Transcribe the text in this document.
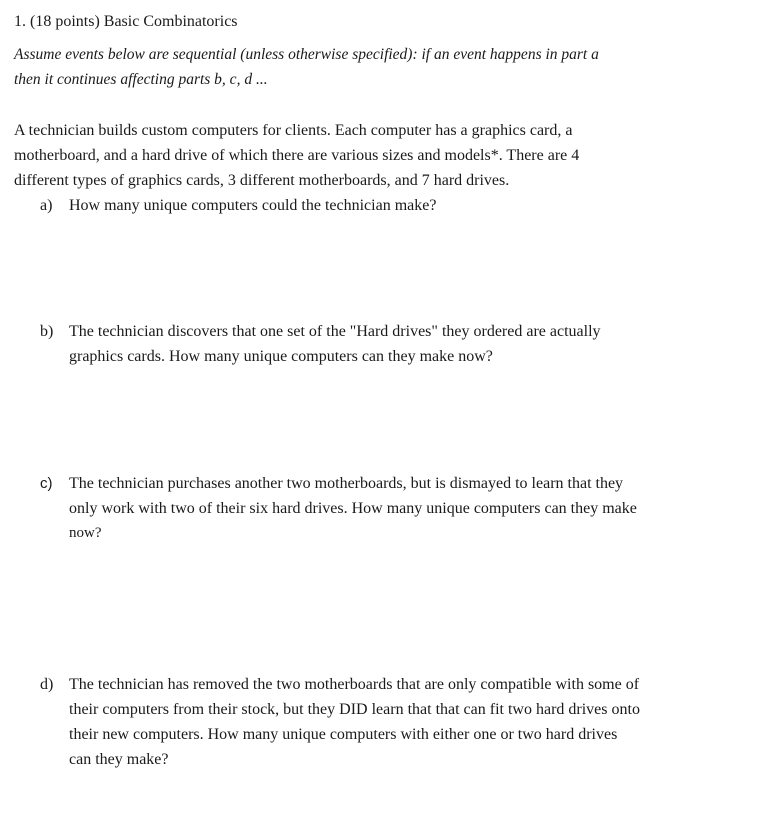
1. (18 points) Basic Combinatorics

Assume events below are sequential (unless otherwise specified): if an event happens in part a

then it continues affecting parts b, c, d ...

A technician builds custom computers for clients. Each computer has a graphics card, a

motherboard, and a hard drive of which there are various sizes and models*. There are 4

different types of graphics cards, 3 different motherboards, and 7 hard drives.

a)	How many unique computers could the technician make?

b) The technician discovers that one set of the "Hard drives" they ordered are actually

graphics cards. How many unique computers can they make now?

c)	The technician purchases another two motherboards, but is dismayed to learn that they

only work with two of their six hard drives. How many unique computers can they make

now?

d) The technician has removed the two motherboards that are only compatible with some of

their computers from their stock, but they DID learn that that can fit two hard drives onto

their new computers. How many unique computers with either one or two hard drives

can they make?
